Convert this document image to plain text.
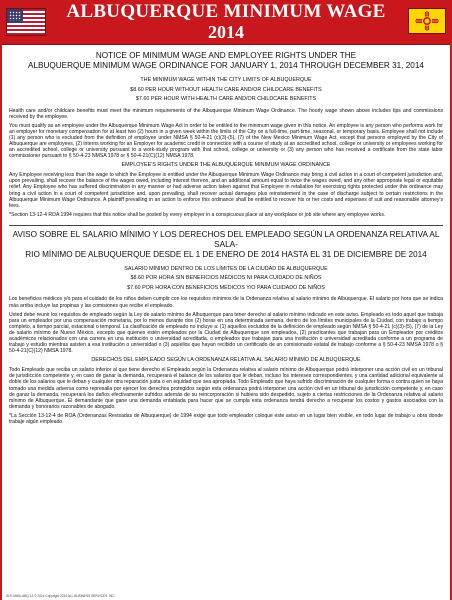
ALBUQUERQUE MINIMUM WAGE
2014
NOTICE OF MINIMUM WAGE AND EMPLOYEE RIGHTS UNDER THE
ALBUQUERQUE MINIMUM WAGE ORDINANCE FOR JANUARY 1, 2014 THROUGH DECEMBER 31, 2014
THE MINIMUM WAGE WITHIN THE CITY LIMITS OF ALBUQUERQUE
$8.60 PER HOUR WITHOUT HEALTH CARE AND/OR CHILDCARE BENEFITS
$7.60 PER HOUR WITH HEALTH CARE AND/OR CHILDCARE BENEFITS

Health care and/or childcare benefits must meet the minimum requirements of the Albuquerque Minimum Wage Ordinance. The hourly wage shown above includes tips and commissions received by the employee.

You must qualify as an employee under the Albuquerque Minimum Wage Act in order to be entitled to the minimum wage given in this notice. An employee is any person who performs work for an employer for monetary compensation for at least two (2) hours in a given week within the limits of the City on a full-time, part-time, seasonal, or temporary basis. Employee shall not include (1) any person who is excluded from the definition of employee under NMSA § 50-4-21 (c)(3)-(5), (7) of the New Mexico Minimum Wage Act, except that persons employed by the City of Albuquerque are employees, (2) interns working for an Employer for academic credit in connection with a course of study at an accredited school, college or university or employees working for an accredited school, college or university pursuant to a work-study program with that school, college or university or (3) any person who has received a certificate from the state labor commissioner pursuant to § 50-4-23 NMSA 1978 or § 50-4-21(C)(12) NMSA 1978.

EMPLOYEE'S RIGHTS UNDER THE ALBUQUERQUE MINIMUM WAGE ORDINANCE

Any Employee receiving less than the wage to which the Employee is entitled under the Albuquerque Minimum Wage Ordinance may bring a civil action in a court of competent jurisdiction and, upon prevailing, shall recover the balance of the wages owed, including interest thereon, and an additional amount equal to twice the wages owed, and any other appropriate legal or equitable relief. Any Employee who has suffered discrimination in any manner or had adverse action taken against that Employee in retaliation for exercising rights protected under this ordinance may bring a civil action in a court of competent jurisdiction and, upon prevailing, shall recover actual damages plus reinstatement in the case of discharge subject to certain restrictions in the Albuquerque Minimum Wage Ordinance. A plaintiff prevailing in an action to enforce this ordinance shall be entitled to recover his or her costs and expenses of suit and reasonable attorney's fees.

*Section 13-12-4 ROA 1994 requires that this notice shall be posted by every employer in a conspicuous place at any workplace or job site where any employee works.

AVISO SOBRE EL SALARIO MÍNIMO Y LOS DERECHOS DEL EMPLEADO SEGÚN LA ORDENANZA RELATIVA AL SALA-
RIO MÍNIMO DE ALBUQUERQUE DESDE EL 1 DE ENERO DE 2014 HASTA EL 31 DE DICIEMBRE DE 2014
SALARIO MÍNIMO DENTRO DE LOS LÍMITES DE LA CIUDAD DE ALBUQUERQUE
$8.60 POR HORA SIN BENEFICIOS MÉDICOS NI PARA CUIDADO DE NIÑOS
$7.60 POR HORA CON BENEFICIOS MÉDICOS Y/O PARA CUIDADO DE NIÑOS

Los beneficios médicos y/o para el cuidado de los niños deben cumplir con los requisitos mínimos de la Ordenanza relativa al salario mínimo de Albuquerque. El salario por hora que se indica más arriba incluye las propinas y las comisiones que recibe el empleado.

Usted debe reunir los requisitos de empleado según la Ley de salario mínimo de Albuquerque para tener derecho al salario mínimo indicado en este aviso. Empleado es todo aquel que trabaja para un empleador por una compensación monetaria, por lo menos durante dos (2) horas en una determinada semana, dentro de los límites municipales de la Ciudad, con trabajo a tiempo completo, a tiempo parcial, estacional o temporal. La clasificación de empleado no incluye a: (1) aquellos excluidos de la definición de empleado según NMSA § 50-4-21 (c)(3)-(5), (7) de la Ley de salario mínimo de Nuevo México, excepto que quienes estén empleados por la Ciudad de Albuquerque son empleados, (2) practicantes que trabajan para un Empleador por créditos académicos relacionados con una carrera en una institución o universidad acreditada, o empleados que trabajan para una institución o universidad acreditada conforme a un programa de trabajo y estudio mientras asisten a esa institución o universidad o (3) aquellos que hayan recibido un certificado de un comisionado estatal de trabajo conforme a § 50-4-23 NMSA 1978 o § 50-4-21(C)(12) NMSA 1978.

DERECHOS DEL EMPLEADO SEGÚN LA ORDENANZA RELATIVA AL SALARIO MÍNIMO DE ALBUQUERQUE

Todo Empleado que reciba un salario inferior al que tiene derecho el Empleado según la Ordenanza relativa al salario mínimo de Albuquerque podrá interponer una acción civil en un tribunal de jurisdicción competente y, en caso de ganar la demanda, recuperará el balance de los salarios que le deban, incluso los intereses correspondientes, y una cantidad adicional equivalente al doble de los salarios que le deban y cualquier otra reparación justa o en equidad que sea apropiada. Todo Empleado que haya sufrido discriminación de cualquier forma o contra quien se haya tomado una medida adversa como represalia por ejercer los derechos protegidos según esta ordenanza podrá interponer una acción civil en un tribunal de jurisdicción competente y, en caso de ganar la demanda, recuperará los daños efectivamente sufridos además de su reincorporación si hubiera sido despedido, sujeto a ciertas restricciones de la Ordenanza relativa al salario mínimo de Albuquerque. El demandante que gane una demanda entablada para hacer que se cumpla esta ordenanza tendrá derecho a recuperar los costos y gastos asociados con la demanda y honorarios razonables de abogado.

*La Sección 13-12-4 de ROA (Ordenanzas Revisadas de Albuquerque) de 1994 exige que todo empleador coloque este aviso en un lugar bien visible, en todo lugar de trabajo u obra donde trabaje algún empleado.

ID:E-MWA-ABQ-14 © 2014 Copyright 2014 ALL BUSINESS SERVICES, INC.
